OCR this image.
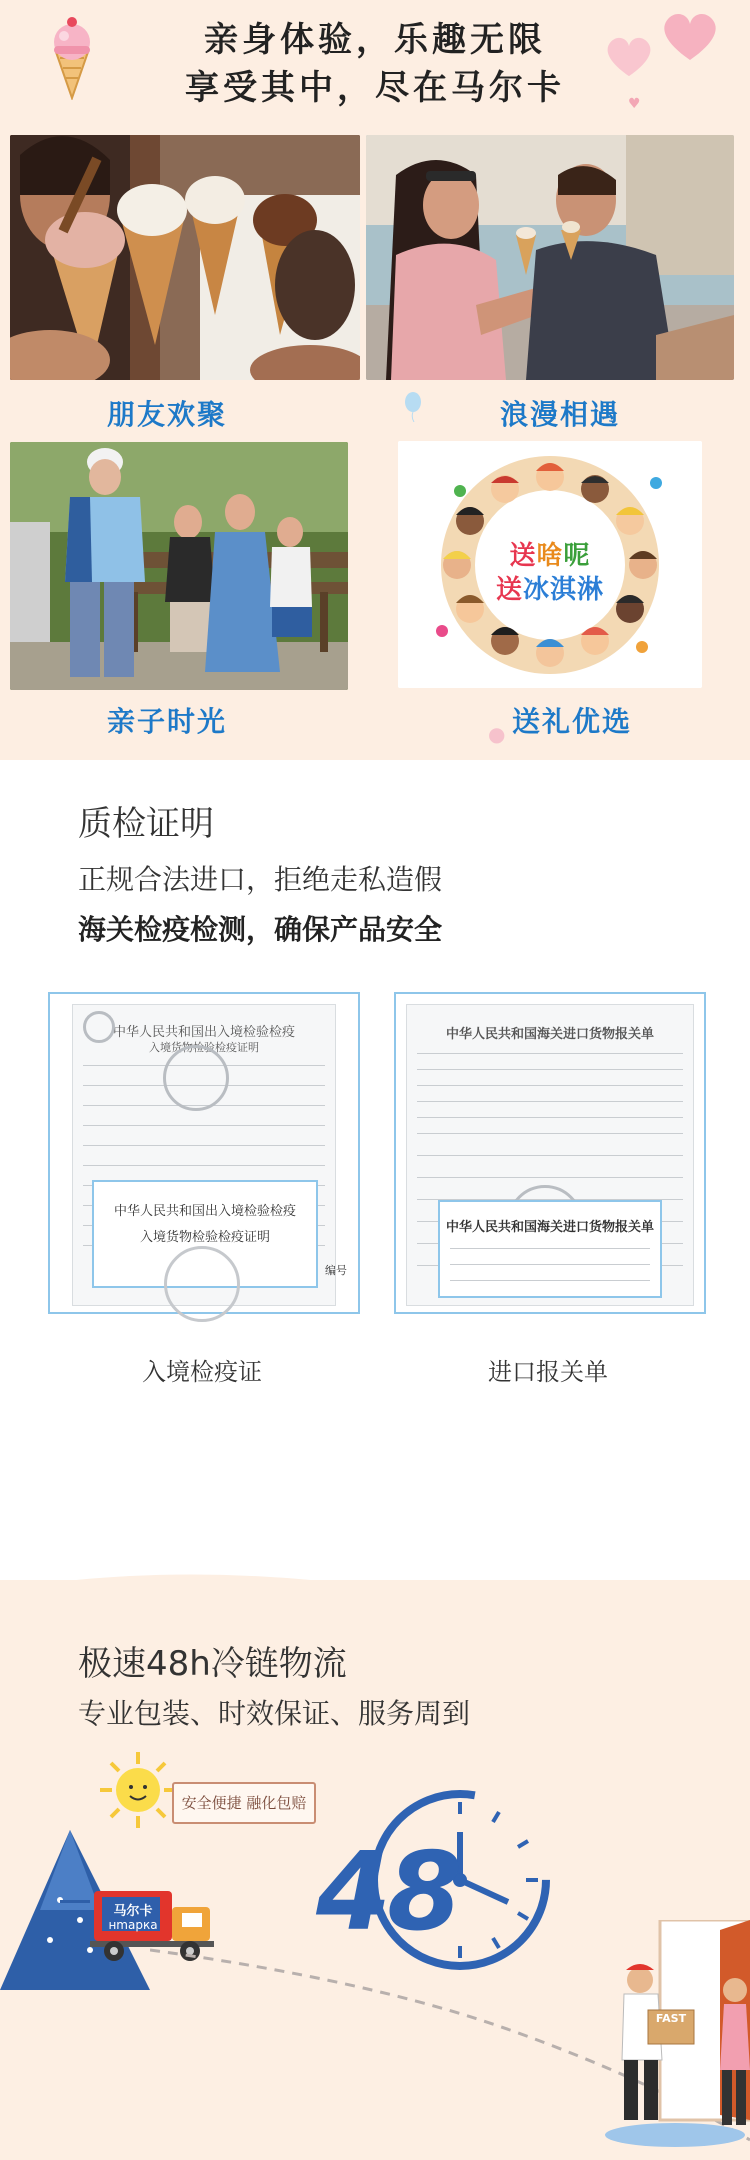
亲身体验，乐趣无限
享受其中，尽在马尔卡	♥
朋友欢聚	浪漫相遇
亲子时光
送啥呢
送冰淇淋
送礼优选
●
质检证明
正规合法进口，拒绝走私造假
海关检疫检测，确保产品安全
中华人民共和国出入境检验检疫
入境货物检验检疫证明
中华人民共和国出入境检验检疫
入境货物检验检疫证明
编号
入境检疫证
中华人民共和国海关进口货物报关单
中华人民共和国海关进口货物报关单
进口报关单
极速48h冷链物流
专业包装、时效保证、服务周到
安全便捷 融化包赔
马尔卡
нmapкa 48
FAST
